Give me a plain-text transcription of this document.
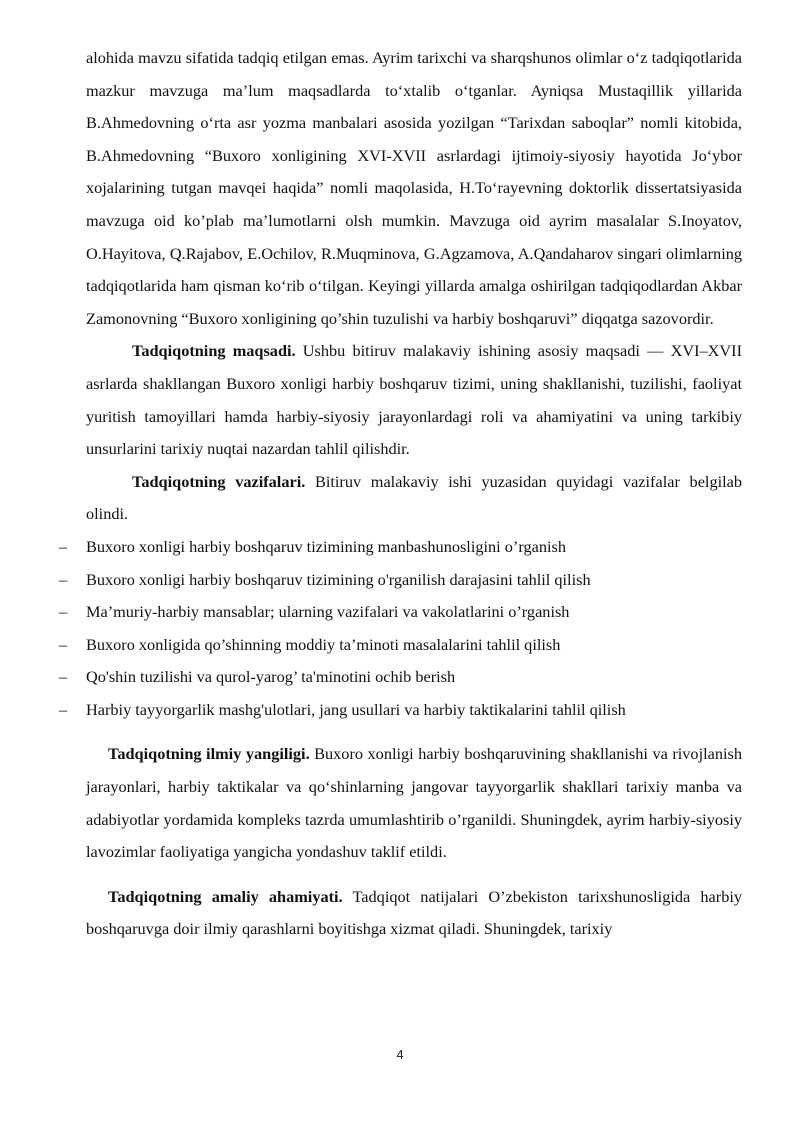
alohida mavzu sifatida tadqiq etilgan emas. Ayrim tarixchi va sharqshunos olimlar o‘z tadqiqotlarida mazkur mavzuga ma’lum maqsadlarda to‘xtalib o‘tganlar. Ayniqsa Mustaqillik yillarida B.Ahmedovning o‘rta asr yozma manbalari asosida yozilgan “Tarixdan saboqlar” nomli kitobida, B.Ahmedovning “Buxoro xonligining XVI-XVII asrlardagi ijtimoiy-siyosiy hayotida Jo‘ybor xojalarining tutgan mavqei haqida” nomli maqolasida, H.To‘rayevning doktorlik dissertatsiyasida mavzuga oid ko’plab ma’lumotlarni olsh mumkin. Mavzuga oid ayrim masalalar S.Inoyatov, O.Hayitova, Q.Rajabov, E.Ochilov, R.Muqminova, G.Agzamova, A.Qandaharov singari olimlarning tadqiqotlarida ham qisman ko‘rib o‘tilgan. Keyingi yillarda amalga oshirilgan tadqiqodlardan Akbar Zamonovning “Buxoro xonligining qo’shin tuzulishi va harbiy boshqaruvi” diqqatga sazovordir.

Tadqiqotning maqsadi. Ushbu bitiruv malakaviy ishining asosiy maqsadi — XVI–XVII asrlarda shakllangan Buxoro xonligi harbiy boshqaruv tizimi, uning shakllanishi, tuzilishi, faoliyat yuritish tamoyillari hamda harbiy-siyosiy jarayonlardagi roli va ahamiyatini va uning tarkibiy unsurlarini tarixiy nuqtai nazardan tahlil qilishdir.

Tadqiqotning vazifalari. Bitiruv malakaviy ishi yuzasidan quyidagi vazifalar belgilab olindi.

– Buxoro xonligi harbiy boshqaruv tizimining manbashunosligini o’rganish
– Buxoro xonligi harbiy boshqaruv tizimining o'rganilish darajasini tahlil qilish
– Ma’muriy-harbiy mansablar; ularning vazifalari va vakolatlarini o’rganish
– Buxoro xonligida qo’shinning moddiy ta’minoti masalalarini tahlil qilish
– Qo'shin tuzilishi va qurol-yarog’ ta'minotini ochib berish
– Harbiy tayyorgarlik mashg'ulotlari, jang usullari va harbiy taktikalarini tahlil qilish

Tadqiqotning ilmiy yangiligi. Buxoro xonligi harbiy boshqaruvining shakllanishi va rivojlanish jarayonlari, harbiy taktikalar va qo‘shinlarning jangovar tayyorgarlik shakllari tarixiy manba va adabiyotlar yordamida kompleks tazrda umumlashtirib o’rganildi. Shuningdek, ayrim harbiy-siyosiy lavozimlar faoliyatiga yangicha yondashuv taklif etildi.

Tadqiqotning amaliy ahamiyati. Tadqiqot natijalari O’zbekiston tarixshunosligida harbiy boshqaruvga doir ilmiy qarashlarni boyitishga xizmat qiladi. Shuningdek, tarixiy

4
